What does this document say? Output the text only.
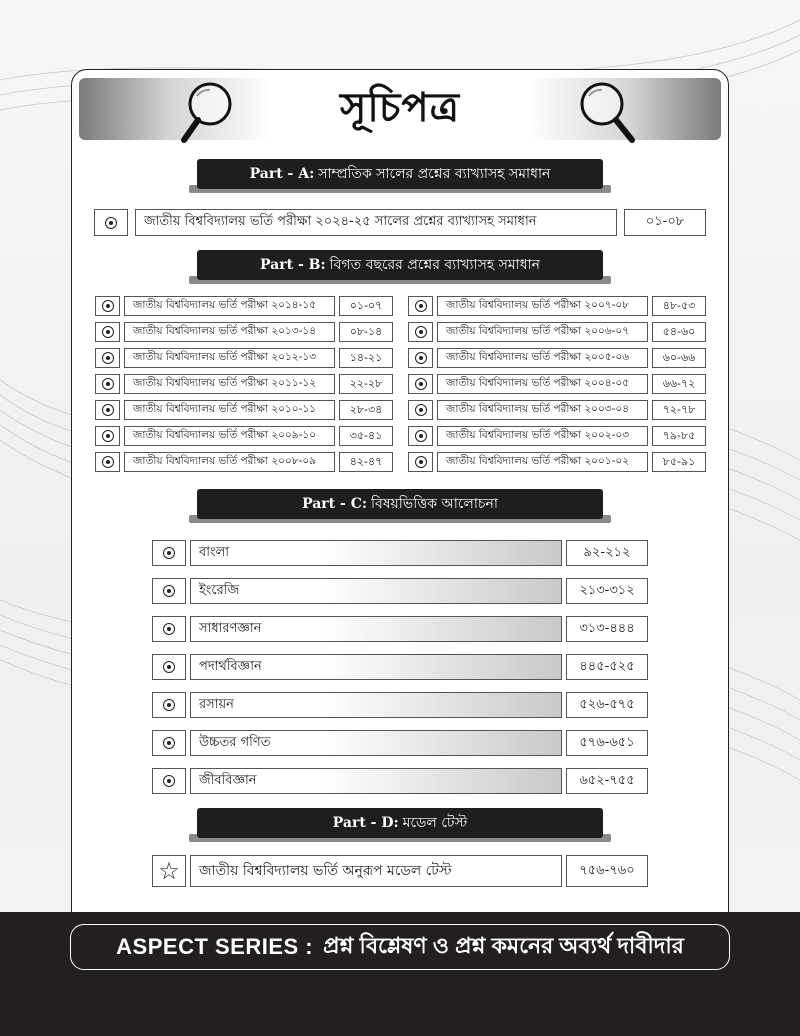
সূচিপত্র
Part - A: সাম্প্রতিক সালের প্রশ্নের ব্যাখ্যাসহ সমাধান
জাতীয় বিশ্ববিদ্যালয় ভর্তি পরীক্ষা ২০২৪-২৫ সালের প্রশ্নের ব্যাখ্যাসহ সমাধান	০১-০৮
Part - B: বিগত বছরের প্রশ্নের ব্যাখ্যাসহ সমাধান
জাতীয় বিশ্ববিদ্যালয় ভর্তি পরীক্ষা ২০১৪-১৫	০১-০৭
জাতীয় বিশ্ববিদ্যালয় ভর্তি পরীক্ষা ২০১৩-১৪	০৮-১৪
জাতীয় বিশ্ববিদ্যালয় ভর্তি পরীক্ষা ২০১২-১৩	১৪-২১
জাতীয় বিশ্ববিদ্যালয় ভর্তি পরীক্ষা ২০১১-১২	২২-২৮
জাতীয় বিশ্ববিদ্যালয় ভর্তি পরীক্ষা ২০১০-১১	২৮-৩৪
জাতীয় বিশ্ববিদ্যালয় ভর্তি পরীক্ষা ২০০৯-১০	৩৫-৪১
জাতীয় বিশ্ববিদ্যালয় ভর্তি পরীক্ষা ২০০৮-০৯	৪২-৪৭
জাতীয় বিশ্ববিদ্যালয় ভর্তি পরীক্ষা ২০০৭-০৮	৪৮-৫৩
জাতীয় বিশ্ববিদ্যালয় ভর্তি পরীক্ষা ২০০৬-০৭	৫৪-৬০
জাতীয় বিশ্ববিদ্যালয় ভর্তি পরীক্ষা ২০০৫-০৬	৬০-৬৬
জাতীয় বিশ্ববিদ্যালয় ভর্তি পরীক্ষা ২০০৪-০৫	৬৬-৭২
জাতীয় বিশ্ববিদ্যালয় ভর্তি পরীক্ষা ২০০৩-০৪	৭২-৭৮
জাতীয় বিশ্ববিদ্যালয় ভর্তি পরীক্ষা ২০০২-০৩	৭৯-৮৫
জাতীয় বিশ্ববিদ্যালয় ভর্তি পরীক্ষা ২০০১-০২	৮৫-৯১
Part - C: বিষয়ভিত্তিক আলোচনা
বাংলা	৯২-২১২
ইংরেজি	২১৩-৩১২
সাধারণজ্ঞান	৩১৩-৪৪৪
পদার্থবিজ্ঞান	৪৪৫-৫২৫
রসায়ন	৫২৬-৫৭৫
উচ্চতর গণিত	৫৭৬-৬৫১
জীববিজ্ঞান	৬৫২-৭৫৫
Part - D: মডেল টেস্ট
☆	জাতীয় বিশ্ববিদ্যালয় ভর্তি অনুরূপ মডেল টেস্ট	৭৫৬-৭৬০
ASPECT SERIES : প্রশ্ন বিশ্লেষণ ও প্রশ্ন কমনের অব্যর্থ দাবীদার
